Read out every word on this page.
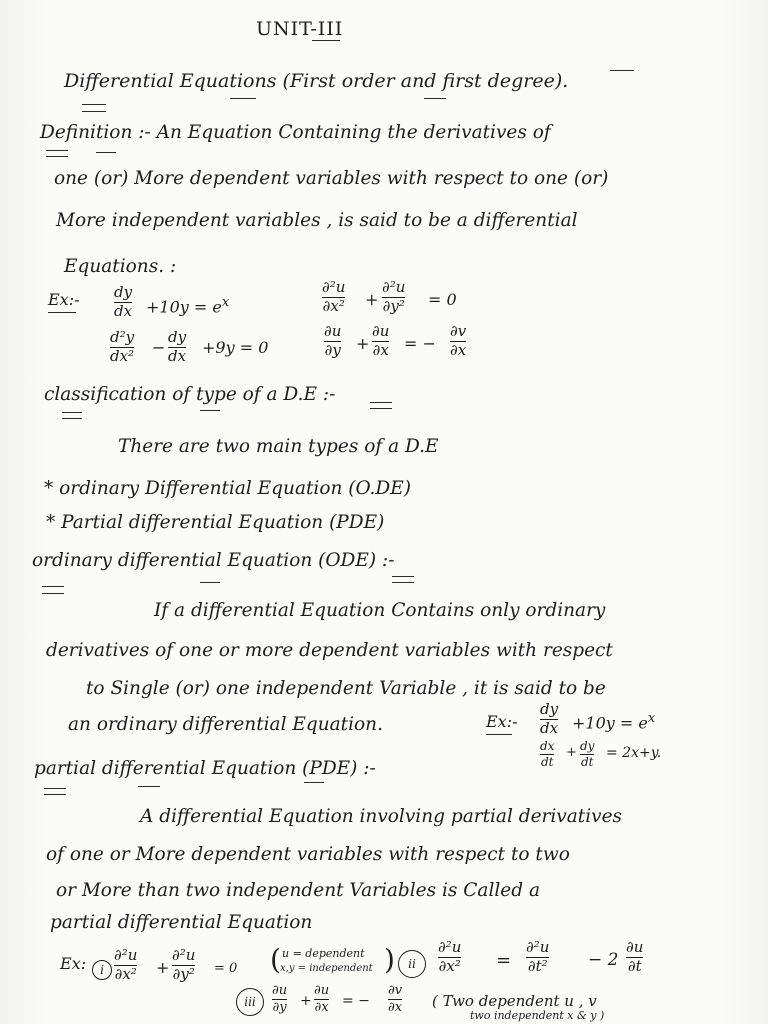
UNIT-III
Differential Equations (First order and first degree).
Definition :- An Equation Containing the derivatives of
one (or) More dependent variables with respect to one (or)
More independent variables , is said to be a differential
Equations. :
Ex:- dy
dx $+10y = e^x$
d²y
dx² −
dy
dx +9y = 0
∂²u
∂x² +
∂²u
∂y² = 0
∂u
∂y +
∂u
∂x = −
∂v
∂x
classification of type of a D.E :-
There are two main types of a D.E
* ordinary Differential Equation (O.DE)
* Partial differential Equation (PDE)
ordinary differential Equation (ODE) :-
If a differential Equation Contains only ordinary
derivatives of one or more dependent variables with respect
to Single (or) one independent Variable , it is said to be
an ordinary differential Equation.	Ex:-
dy
dx $+10y = e^x$
dx
dt
+ dy
dt
= 2x+y.
partial differential Equation (PDE) :-
A differential Equation involving partial derivatives
of one or More dependent variables with respect to two
or More than two independent Variables is Called a
partial differential Equation
Ex:	i
∂²u
∂x² +
∂²u
∂y² = 0
u = dependent
x,y = independent
(	)	ii
∂²u
∂x² =
∂²u
∂t² − 2
∂u
∂t
iii
∂u
∂y +
∂u
∂x = −
∂v
∂x ( Two dependent u , v
two independent x & y )
